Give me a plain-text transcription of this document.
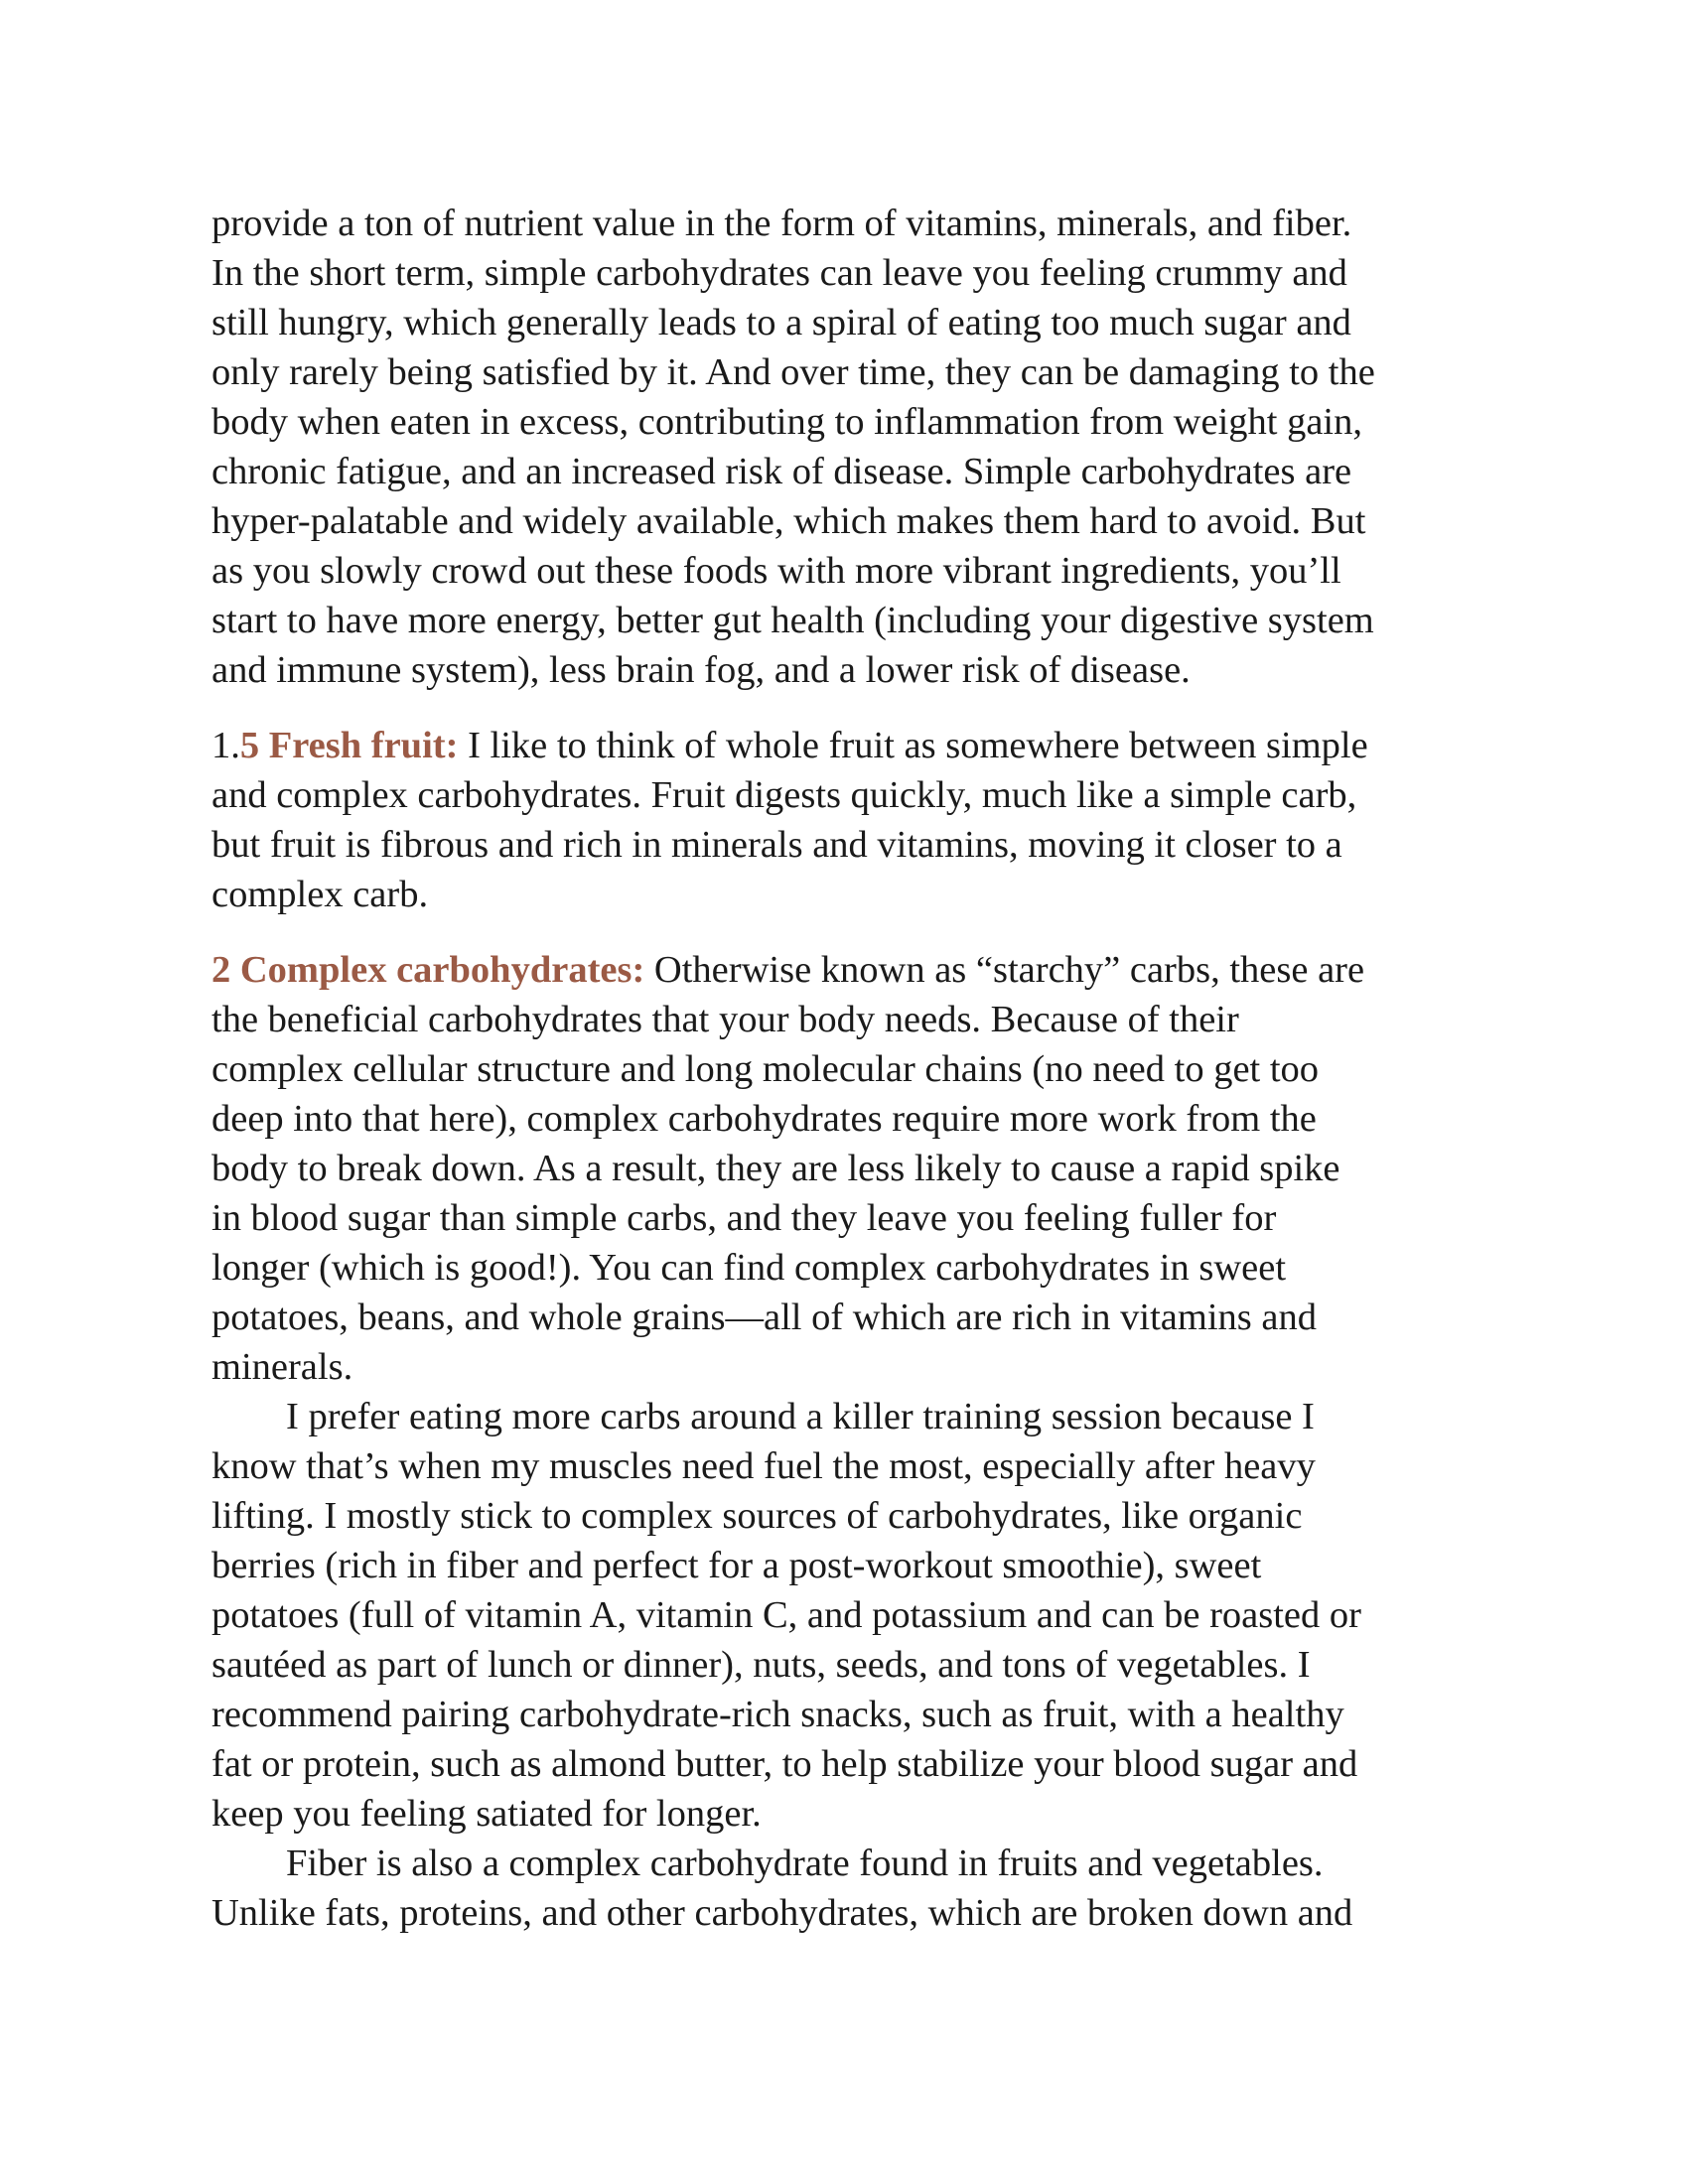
provide a ton of nutrient value in the form of vitamins, minerals, and fiber.
In the short term, simple carbohydrates can leave you feeling crummy and
still hungry, which generally leads to a spiral of eating too much sugar and
only rarely being satisfied by it. And over time, they can be damaging to the
body when eaten in excess, contributing to inflammation from weight gain,
chronic fatigue, and an increased risk of disease. Simple carbohydrates are
hyper-palatable and widely available, which makes them hard to avoid. But
as you slowly crowd out these foods with more vibrant ingredients, you’ll
start to have more energy, better gut health (including your digestive system
and immune system), less brain fog, and a lower risk of disease.
1.5 Fresh fruit: I like to think of whole fruit as somewhere between simple
and complex carbohydrates. Fruit digests quickly, much like a simple carb,
but fruit is fibrous and rich in minerals and vitamins, moving it closer to a
complex carb.
2 Complex carbohydrates: Otherwise known as “starchy” carbs, these are
the beneficial carbohydrates that your body needs. Because of their
complex cellular structure and long molecular chains (no need to get too
deep into that here), complex carbohydrates require more work from the
body to break down. As a result, they are less likely to cause a rapid spike
in blood sugar than simple carbs, and they leave you feeling fuller for
longer (which is good!). You can find complex carbohydrates in sweet
potatoes, beans, and whole grains—all of which are rich in vitamins and
minerals.
I prefer eating more carbs around a killer training session because I
know that’s when my muscles need fuel the most, especially after heavy
lifting. I mostly stick to complex sources of carbohydrates, like organic
berries (rich in fiber and perfect for a post-workout smoothie), sweet
potatoes (full of vitamin A, vitamin C, and potassium and can be roasted or
sautéed as part of lunch or dinner), nuts, seeds, and tons of vegetables. I
recommend pairing carbohydrate-rich snacks, such as fruit, with a healthy
fat or protein, such as almond butter, to help stabilize your blood sugar and
keep you feeling satiated for longer.
Fiber is also a complex carbohydrate found in fruits and vegetables.
Unlike fats, proteins, and other carbohydrates, which are broken down and
